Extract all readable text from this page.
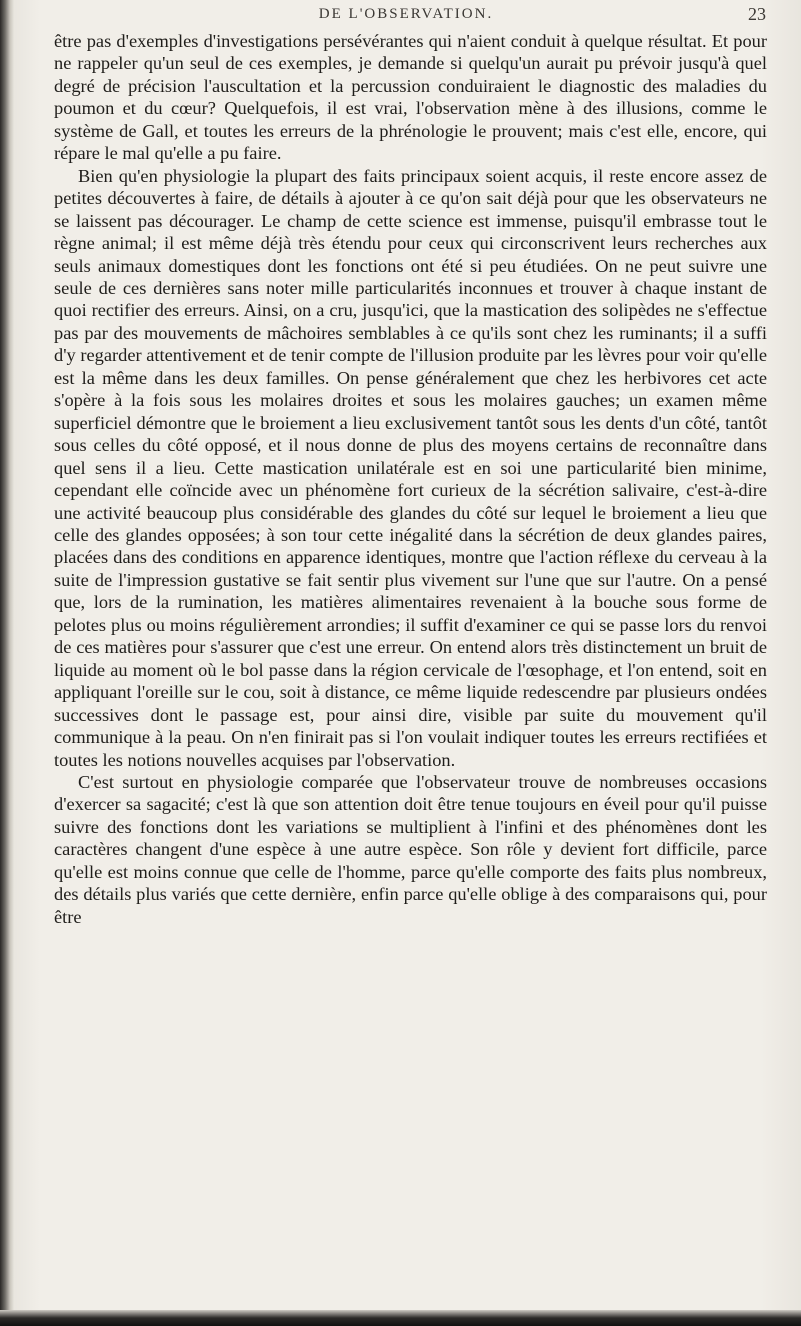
DE L'OBSERVATION.	23

être pas d'exemples d'investigations persévérantes qui n'aient conduit à quelque résultat. Et pour ne rappeler qu'un seul de ces exemples, je demande si quelqu'un aurait pu prévoir jusqu'à quel degré de précision l'auscultation et la percussion conduiraient le diagnostic des maladies du poumon et du cœur? Quelquefois, il est vrai, l'observation mène à des illusions, comme le système de Gall, et toutes les erreurs de la phrénologie le prouvent; mais c'est elle, encore, qui répare le mal qu'elle a pu faire.

Bien qu'en physiologie la plupart des faits principaux soient acquis, il reste encore assez de petites découvertes à faire, de détails à ajouter à ce qu'on sait déjà pour que les observateurs ne se laissent pas décourager. Le champ de cette science est immense, puisqu'il embrasse tout le règne animal; il est même déjà très étendu pour ceux qui circonscrivent leurs recherches aux seuls animaux domestiques dont les fonctions ont été si peu étudiées. On ne peut suivre une seule de ces dernières sans noter mille particularités inconnues et trouver à chaque instant de quoi rectifier des erreurs. Ainsi, on a cru, jusqu'ici, que la mastication des solipèdes ne s'effectue pas par des mouvements de mâchoires semblables à ce qu'ils sont chez les ruminants; il a suffi d'y regarder attentivement et de tenir compte de l'illusion produite par les lèvres pour voir qu'elle est la même dans les deux familles. On pense généralement que chez les herbivores cet acte s'opère à la fois sous les molaires droites et sous les molaires gauches; un examen même superficiel démontre que le broiement a lieu exclusivement tantôt sous les dents d'un côté, tantôt sous celles du côté opposé, et il nous donne de plus des moyens certains de reconnaître dans quel sens il a lieu. Cette mastication unilatérale est en soi une particularité bien minime, cependant elle coïncide avec un phénomène fort curieux de la sécrétion salivaire, c'est-à-dire une activité beaucoup plus considérable des glandes du côté sur lequel le broiement a lieu que celle des glandes opposées; à son tour cette inégalité dans la sécrétion de deux glandes paires, placées dans des conditions en apparence identiques, montre que l'action réflexe du cerveau à la suite de l'impression gustative se fait sentir plus vivement sur l'une que sur l'autre. On a pensé que, lors de la rumination, les matières alimentaires revenaient à la bouche sous forme de pelotes plus ou moins régulièrement arrondies; il suffit d'examiner ce qui se passe lors du renvoi de ces matières pour s'assurer que c'est une erreur. On entend alors très distinctement un bruit de liquide au moment où le bol passe dans la région cervicale de l'œsophage, et l'on entend, soit en appliquant l'oreille sur le cou, soit à distance, ce même liquide redescendre par plusieurs ondées successives dont le passage est, pour ainsi dire, visible par suite du mouvement qu'il communique à la peau. On n'en finirait pas si l'on voulait indiquer toutes les erreurs rectifiées et toutes les notions nouvelles acquises par l'observation.

C'est surtout en physiologie comparée que l'observateur trouve de nombreuses occasions d'exercer sa sagacité; c'est là que son attention doit être tenue toujours en éveil pour qu'il puisse suivre des fonctions dont les variations se multiplient à l'infini et des phénomènes dont les caractères changent d'une espèce à une autre espèce. Son rôle y devient fort difficile, parce qu'elle est moins connue que celle de l'homme, parce qu'elle comporte des faits plus nombreux, des détails plus variés que cette dernière, enfin parce qu'elle oblige à des comparaisons qui, pour être
